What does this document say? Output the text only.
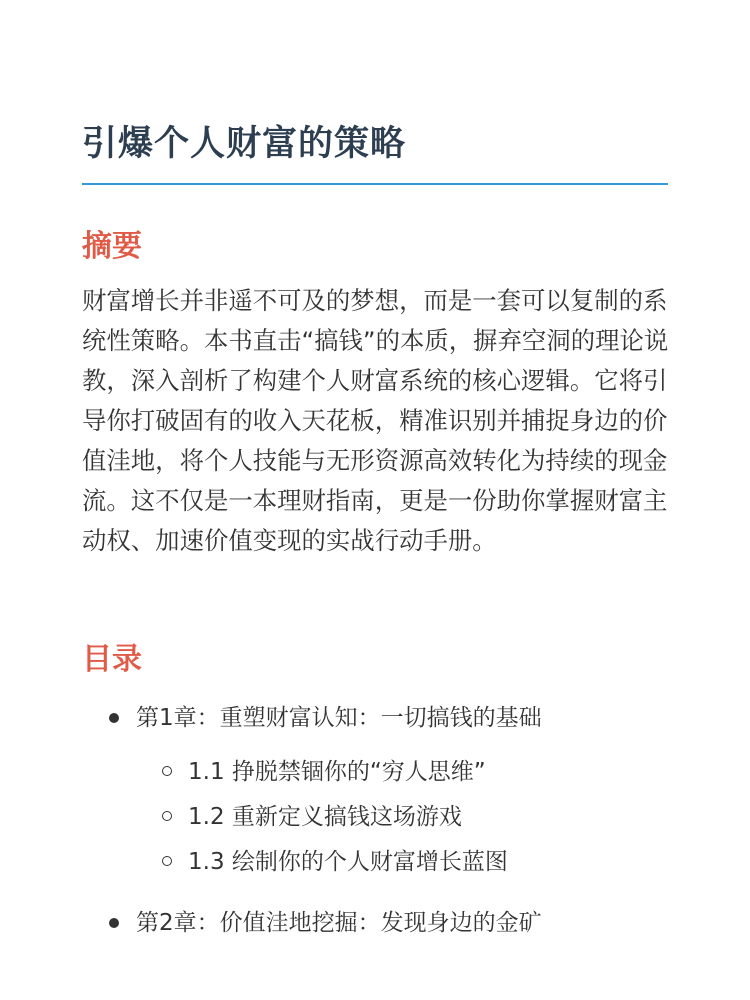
引爆个人财富的策略
摘要

财富增长并非遥不可及的梦想，而是一套可以复制的系统性策略。本书直击“搞钱”的本质，摒弃空洞的理论说教，深入剖析了构建个人财富系统的核心逻辑。它将引导你打破固有的收入天花板，精准识别并捕捉身边的价值洼地，将个人技能与无形资源高效转化为持续的现金流。这不仅是一本理财指南，更是一份助你掌握财富主动权、加速价值变现的实战行动手册。

目录
第1章：重塑财富认知：一切搞钱的基础
1.1 挣脱禁锢你的“穷人思维”
1.2 重新定义搞钱这场游戏
1.3 绘制你的个人财富增长蓝图
第2章：价值洼地挖掘：发现身边的金矿
